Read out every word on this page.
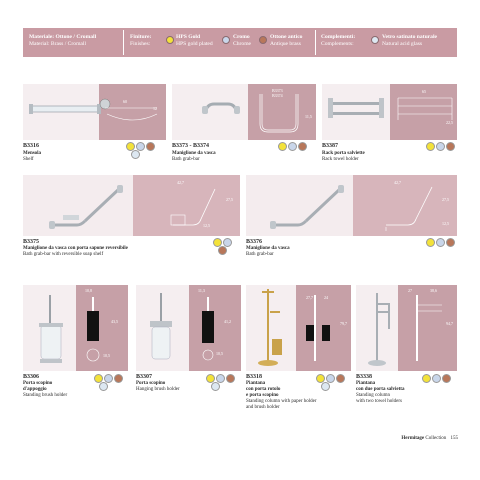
Materiale: Ottone / Cromall
Material: Brass / Cromall
Finiture:
Finishes:
HPS Gold
HPS gold plated
Cromo
Chrome
Ottone antico
Antique brass
Complementi:
Complements:
Vetro satinato naturale
Natural acid glass
60
12
B3316
Mensola
Shelf
B3373
B3374
11,5
B3373 - B3374
Maniglione da vasca
Bath grab-bar
65
22,5
B3387
Rack porta salviette
Rack towel holder
42,7
27,5
12,5
B3375
Maniglione da vasca con porta sapone reversibile
Bath grab-bar with reversible soap shelf
42,7
27,5
12,5
B3376
Maniglione da vasca
Bath grab-bar
10,8
43,5
10,5
B3306
Porta scopino
d'appoggio
Standing brush holder
11,3
41,2
10,5
B3307
Porta scopino
Hanging brush holder
27,7	24
79,7
B3318
Piantana
con porta rotolo
e porta scopino
Standing column with paper holder
and brush holder
27	38,6
94,7
B3338
Piantana
con due porta salvietta
Standing column
with two towel holders
Hermitage Collection 155
